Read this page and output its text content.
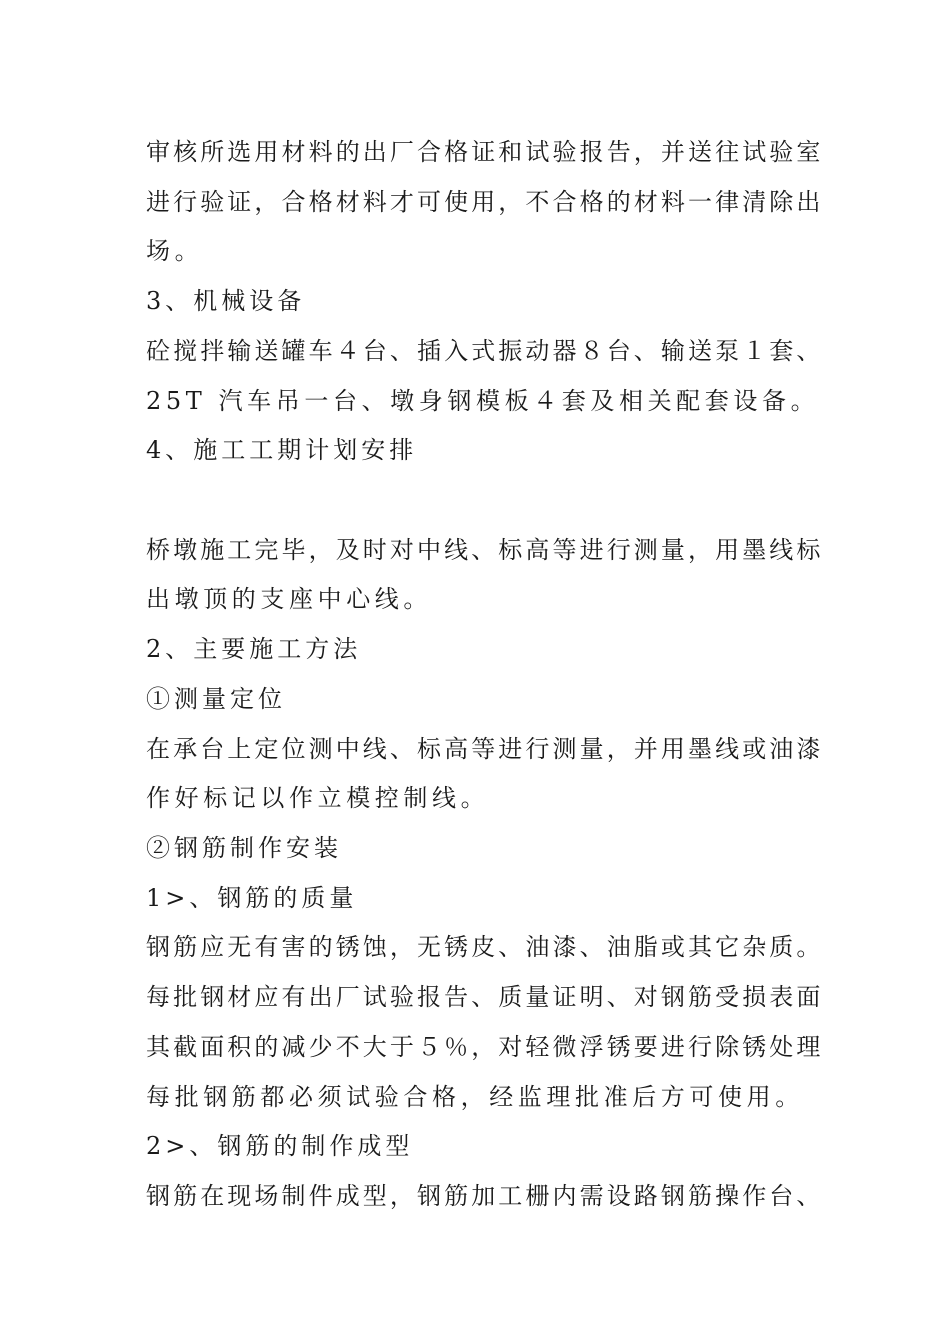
审核所选用材料的出厂合格证和试验报告，并送往试验室
进行验证，合格材料才可使用，不合格的材料一律清除出
场。
3、机械设备
砼搅拌输送罐车４台、插入式振动器８台、输送泵１套、
25T 汽车吊一台、墩身钢模板４套及相关配套设备。
4、施工工期计划安排
桥墩施工完毕，及时对中线、标高等进行测量，用墨线标
出墩顶的支座中心线。
2、主要施工方法
①测量定位
在承台上定位测中线、标高等进行测量，并用墨线或油漆
作好标记以作立模控制线。
②钢筋制作安装
1>、钢筋的质量
钢筋应无有害的锈蚀，无锈皮、油漆、油脂或其它杂质。
每批钢材应有出厂试验报告、质量证明、对钢筋受损表面
其截面积的减少不大于５％，对轻微浮锈要进行除锈处理
每批钢筋都必须试验合格，经监理批准后方可使用。
2>、钢筋的制作成型
钢筋在现场制件成型，钢筋加工栅内需设路钢筋操作台、
